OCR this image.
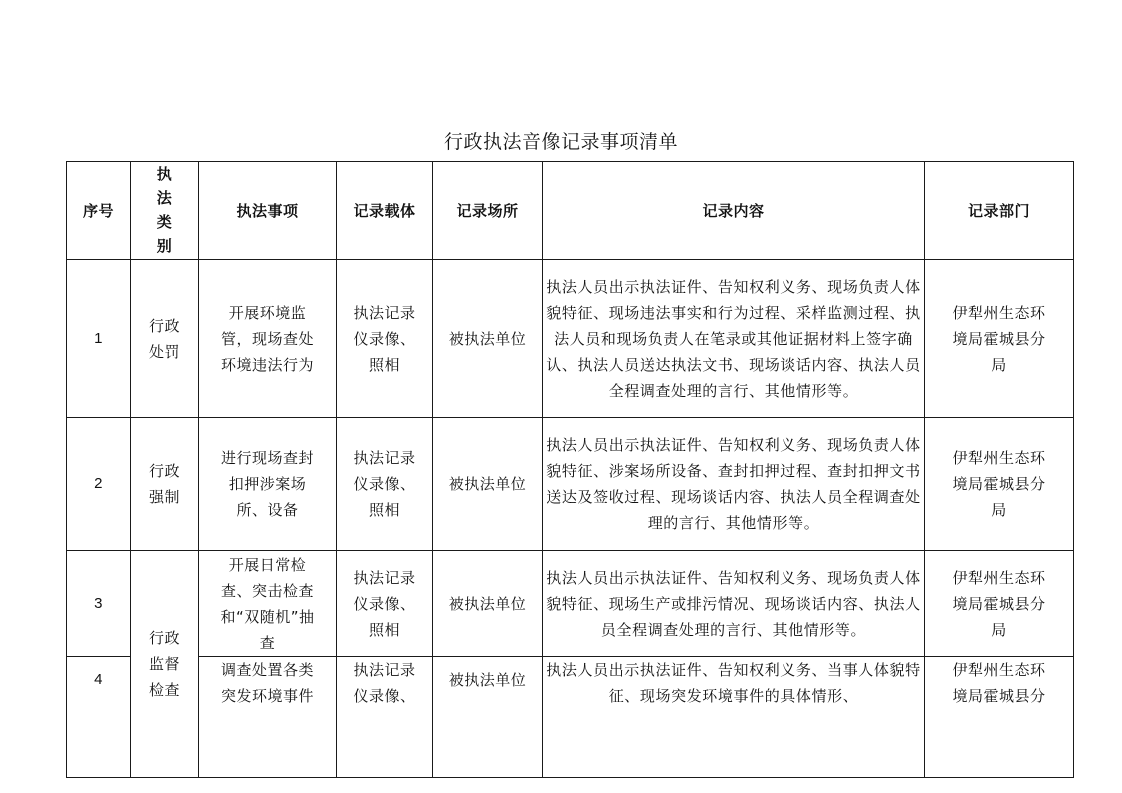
行政执法音像记录事项清单
序号	执法类别	执法事项	记录载体	记录场所	记录内容	记录部门
1	行政处罚	开展环境监管，现场查处环境违法行为	执法记录仪录像、照相	被执法单位	执法人员出示执法证件、告知权利义务、现场负责人体貌特征、现场违法事实和行为过程、采样监测过程、执法人员和现场负责人在笔录或其他证据材料上签字确认、执法人员送达执法文书、现场谈话内容、执法人员全程调查处理的言行、其他情形等。	伊犁州生态环境局霍城县分局
2	行政强制	进行现场查封扣押涉案场所、设备	执法记录仪录像、照相	被执法单位	执法人员出示执法证件、告知权利义务、现场负责人体貌特征、涉案场所设备、查封扣押过程、查封扣押文书送达及签收过程、现场谈话内容、执法人员全程调查处理的言行、其他情形等。	伊犁州生态环境局霍城县分局
3	行政监督检查	开展日常检查、突击检查和“双随机”抽查	执法记录仪录像、照相	被执法单位	执法人员出示执法证件、告知权利义务、现场负责人体貌特征、现场生产或排污情况、现场谈话内容、执法人员全程调查处理的言行、其他情形等。	伊犁州生态环境局霍城县分局
4		调查处置各类突发环境事件	执法记录仪录像、	被执法单位	执法人员出示执法证件、告知权利义务、当事人体貌特征、现场突发环境事件的具体情形、	伊犁州生态环境局霍城县分
